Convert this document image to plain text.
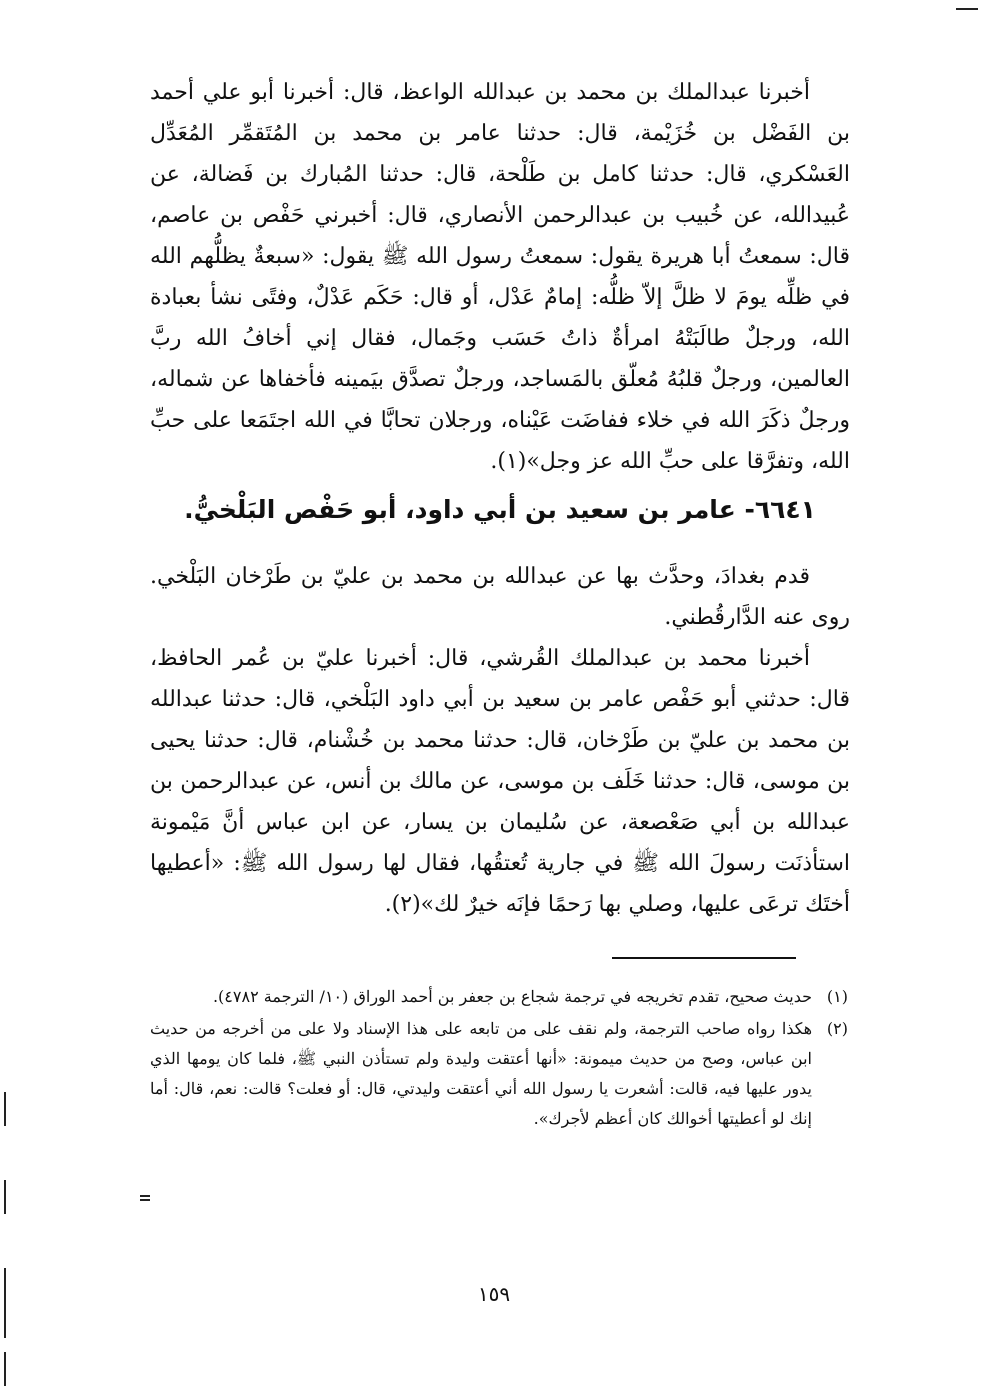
أخبرنا عبدالملك بن محمد بن عبدالله الواعظ، قال: أخبرنا أبو علي أحمد بن الفَضْل بن خُزَيْمة، قال: حدثنا عامر بن محمد بن المُتَقمِّر المُعَدِّل العَسْكري، قال: حدثنا كامل بن طَلْحة، قال: حدثنا المُبارك بن فَضالة، عن عُبيدالله، عن خُبيب بن عبدالرحمن الأنصاري، قال: أخبرني حَفْص بن عاصم، قال: سمعتُ أبا هريرة يقول: سمعتُ رسول الله ﷺ يقول: «سبعةٌ يظلُّهم الله في ظلِّه يومَ لا ظلَّ إلاّ ظلُّه: إمامٌ عَدْل، أو قال: حَكَم عَدْلٌ، وفتًى نشأ بعبادة الله، ورجلٌ طالَبَتْهُ امرأةٌ ذاتُ حَسَب وجَمال، فقال إني أخافُ الله ربَّ العالمين، ورجلٌ قلبُهُ مُعلّق بالمَساجد، ورجلٌ تصدَّق بيَمينه فأخفاها عن شماله، ورجلٌ ذكَرَ الله في خلاء ففاضَت عَيْناه، ورجلان تحابَّا في الله اجتَمَعا على حبِّ الله، وتفرَّقا على حبِّ الله عز وجل»(١).

٦٦٤١- عامر بن سعيد بن أبي داود، أبو حَفْص البَلْخيُّ.

قدم بغدادَ، وحدَّث بها عن عبدالله بن محمد بن عليّ بن طَرْخان البَلْخي. روى عنه الدَّارقُطني.

أخبرنا محمد بن عبدالملك القُرشي، قال: أخبرنا عليّ بن عُمر الحافظ، قال: حدثني أبو حَفْص عامر بن سعيد بن أبي داود البَلْخي، قال: حدثنا عبدالله بن محمد بن عليّ بن طَرْخان، قال: حدثنا محمد بن خُشْنام، قال: حدثنا يحيى بن موسى، قال: حدثنا خَلَف بن موسى، عن مالك بن أنس، عن عبدالرحمن بن عبدالله بن أبي صَعْصعة، عن سُليمان بن يسار، عن ابن عباس أنَّ مَيْمونة استأذنَت رسولَ الله ﷺ في جارية تُعتقُها، فقال لها رسول الله ﷺ: «أعطيها أختَك ترعَى عليها، وصلي بها رَحمًا فإنَه خيرٌ لك»(٢).

(١)
حديث صحيح، تقدم تخريجه في ترجمة شجاع بن جعفر بن أحمد الوراق (١٠/ الترجمة ٤٧٨٢).
(٢)
هكذا رواه صاحب الترجمة، ولم نقف على من تابعه على هذا الإسناد ولا على من أخرجه من حديث ابن عباس، وصح من حديث ميمونة: «أنها أعتقت وليدة ولم تستأذن النبي ﷺ، فلما كان يومها الذي يدور عليها فيه، قالت: أشعرت يا رسول الله أني أعتقت وليدتي، قال: أو فعلت؟ قالت: نعم، قال: أما إنك لو أعطيتها أخوالك كان أعظم لأجرك».
١٥٩
